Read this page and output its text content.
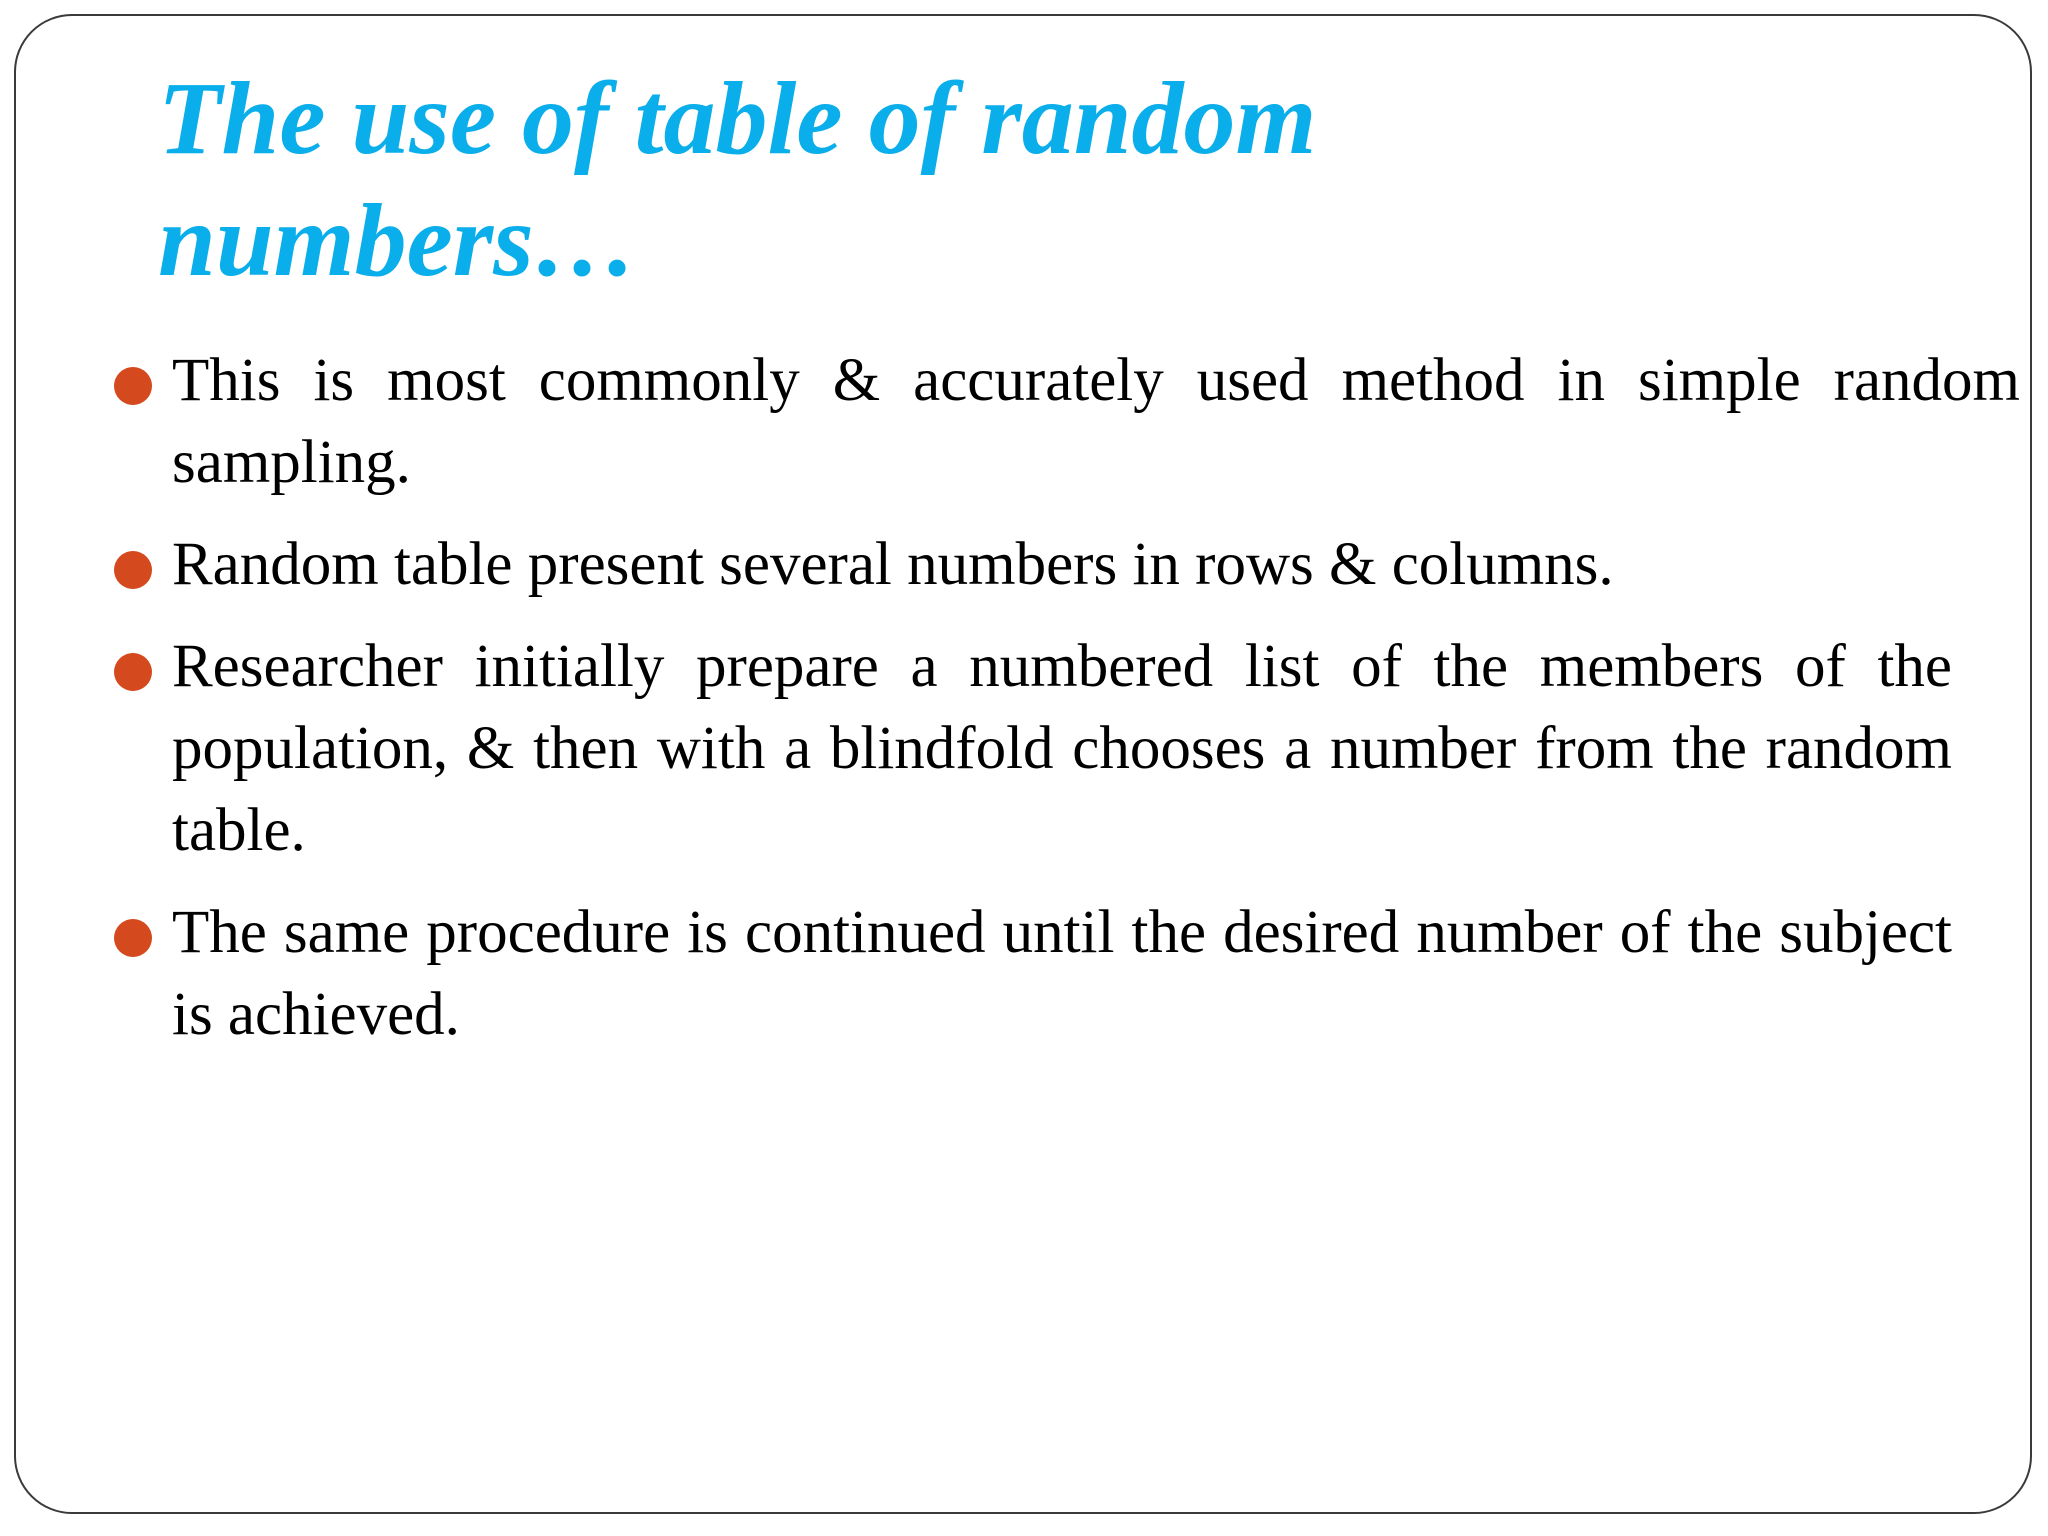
The use of table of random numbers…
This is most commonly & accurately used method in simple random sampling.
Random table present several numbers in rows & columns.
Researcher initially prepare a numbered list of the members of the population, & then with a blindfold chooses a number from the random table.
The same procedure is continued until the desired number of the subject is achieved.
